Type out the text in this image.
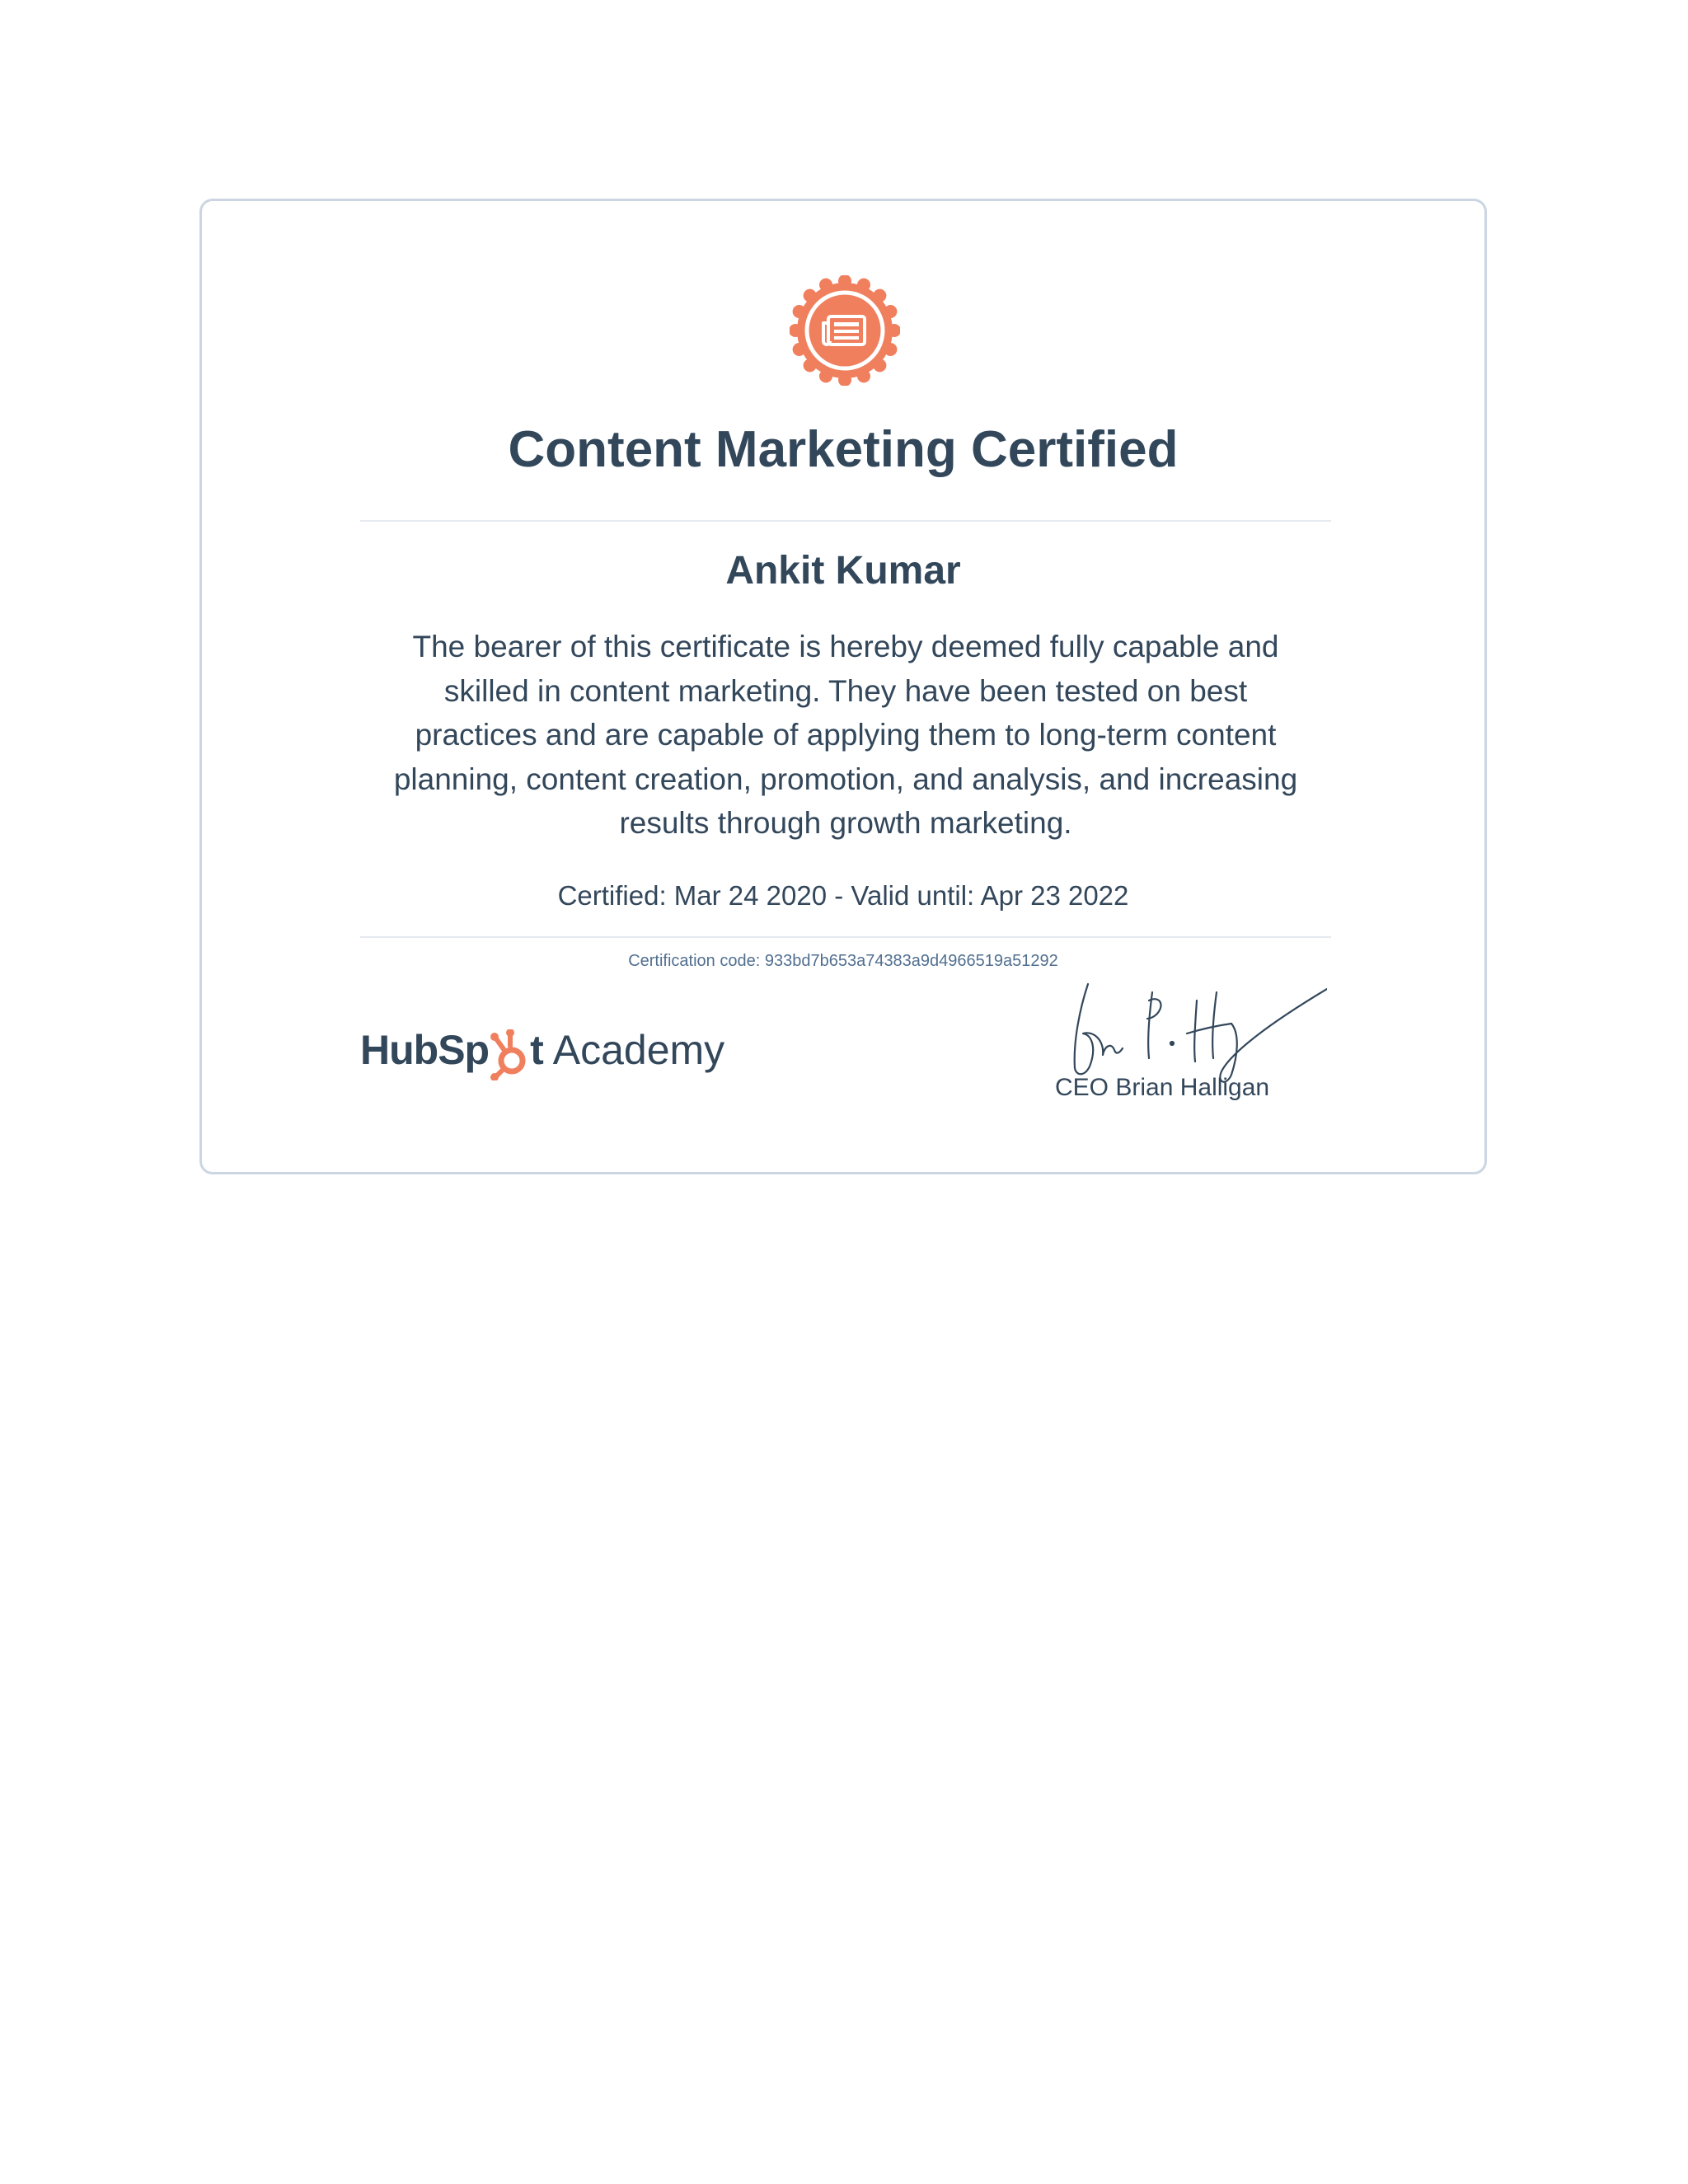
Content Marketing Certified
Ankit Kumar
The bearer of this certificate is hereby deemed fully capable and skilled in content marketing. They have been tested on best practices and are capable of applying them to long-term content planning, content creation, promotion, and analysis, and increasing results through growth marketing.
Certified: Mar 24 2020 - Valid until: Apr 23 2022
Certification code: 933bd7b653a74383a9d4966519a51292
HubSp t Academy
CEO Brian Halligan
